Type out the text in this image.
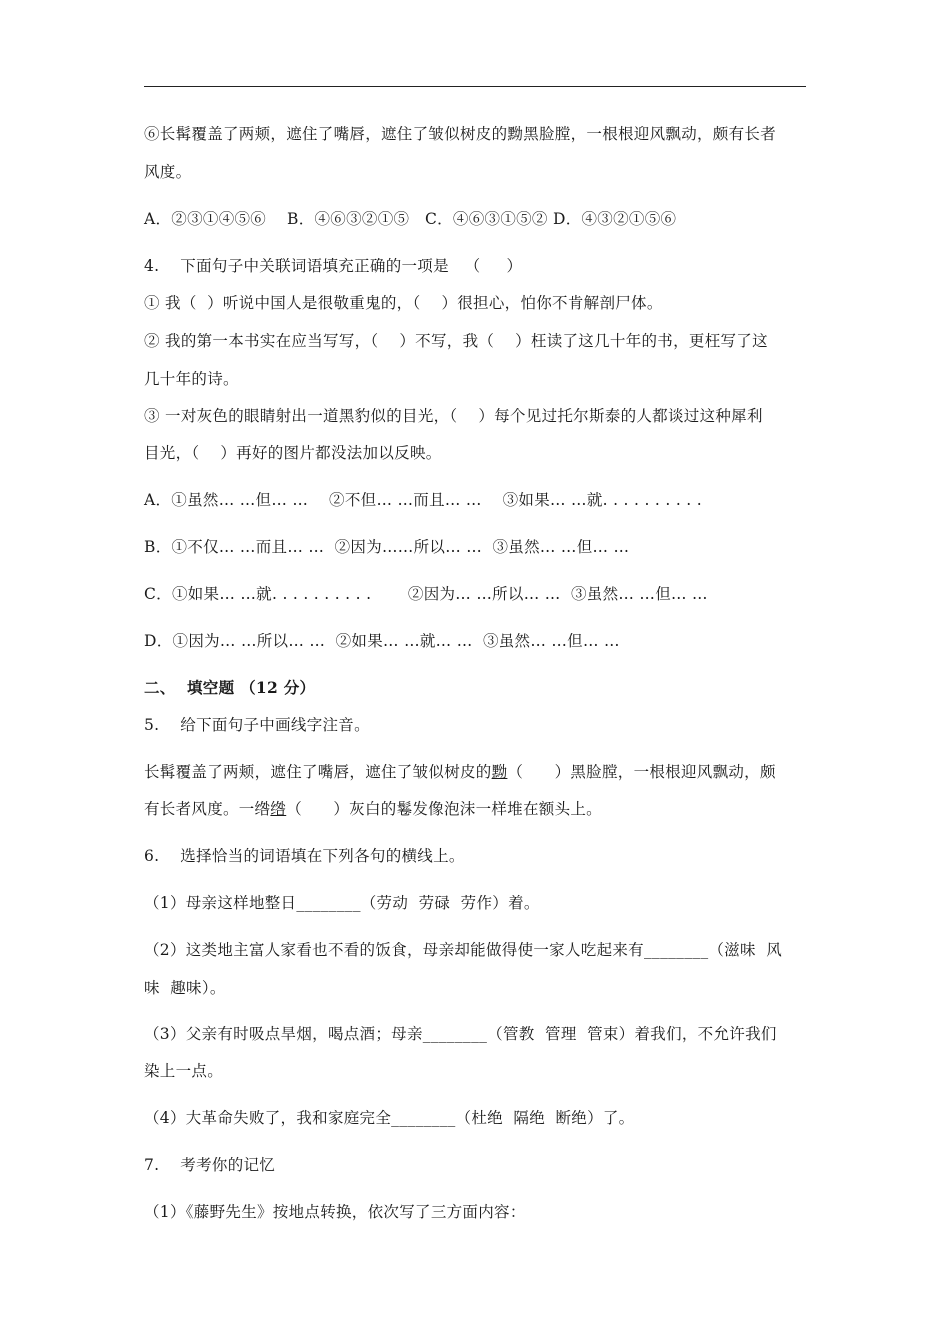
⑥长髯覆盖了两颊，遮住了嘴唇，遮住了皱似树皮的黝黑脸膛，一根根迎风飘动，颇有长者
风度。
A．②③①④⑤⑥    B．④⑥③②①⑤   C．④⑥③①⑤② D．④③②①⑤⑥
4.    下面句子中关联词语填充正确的一项是   （     ）
① 我（  ）听说中国人是很敬重鬼的，（    ）很担心，怕你不肯解剖尸体。
② 我的第一本书实在应当写写，（    ）不写，我（    ）枉读了这几十年的书，更枉写了这
几十年的诗。
③ 一对灰色的眼睛射出一道黑豹似的目光，（    ）每个见过托尔斯泰的人都谈过这种犀利
目光，（    ）再好的图片都没法加以反映。
A．①虽然… …但… …    ②不但… …而且… …    ③如果… …就. . . . . . . . . .
B．①不仅… …而且… …  ②因为……所以… …  ③虽然… …但… …
C．①如果… …就. . . . . . . . . .       ②因为… …所以… …  ③虽然… …但… …
D．①因为… …所以… …  ②如果… …就… …  ③虽然… …但… …
二、  填空题 （12 分）
5.    给下面句子中画线字注音。
长髯覆盖了两颊，遮住了嘴唇，遮住了皱似树皮的黝（      ）黑脸膛，一根根迎风飘动，颇
有长者风度。一绺绺（      ）灰白的鬈发像泡沫一样堆在额头上。
6.    选择恰当的词语填在下列各句的横线上。
（1）母亲这样地整日________（劳动  劳碌  劳作）着。
（2）这类地主富人家看也不看的饭食，母亲却能做得使一家人吃起来有________（滋味  风
味  趣味）。
（3）父亲有时吸点旱烟，喝点酒；母亲________（管教  管理  管束）着我们，不允许我们
染上一点。
（4）大革命失败了，我和家庭完全________（杜绝  隔绝  断绝）了。
7.    考考你的记忆
（1）《藤野先生》按地点转换，依次写了三方面内容：
